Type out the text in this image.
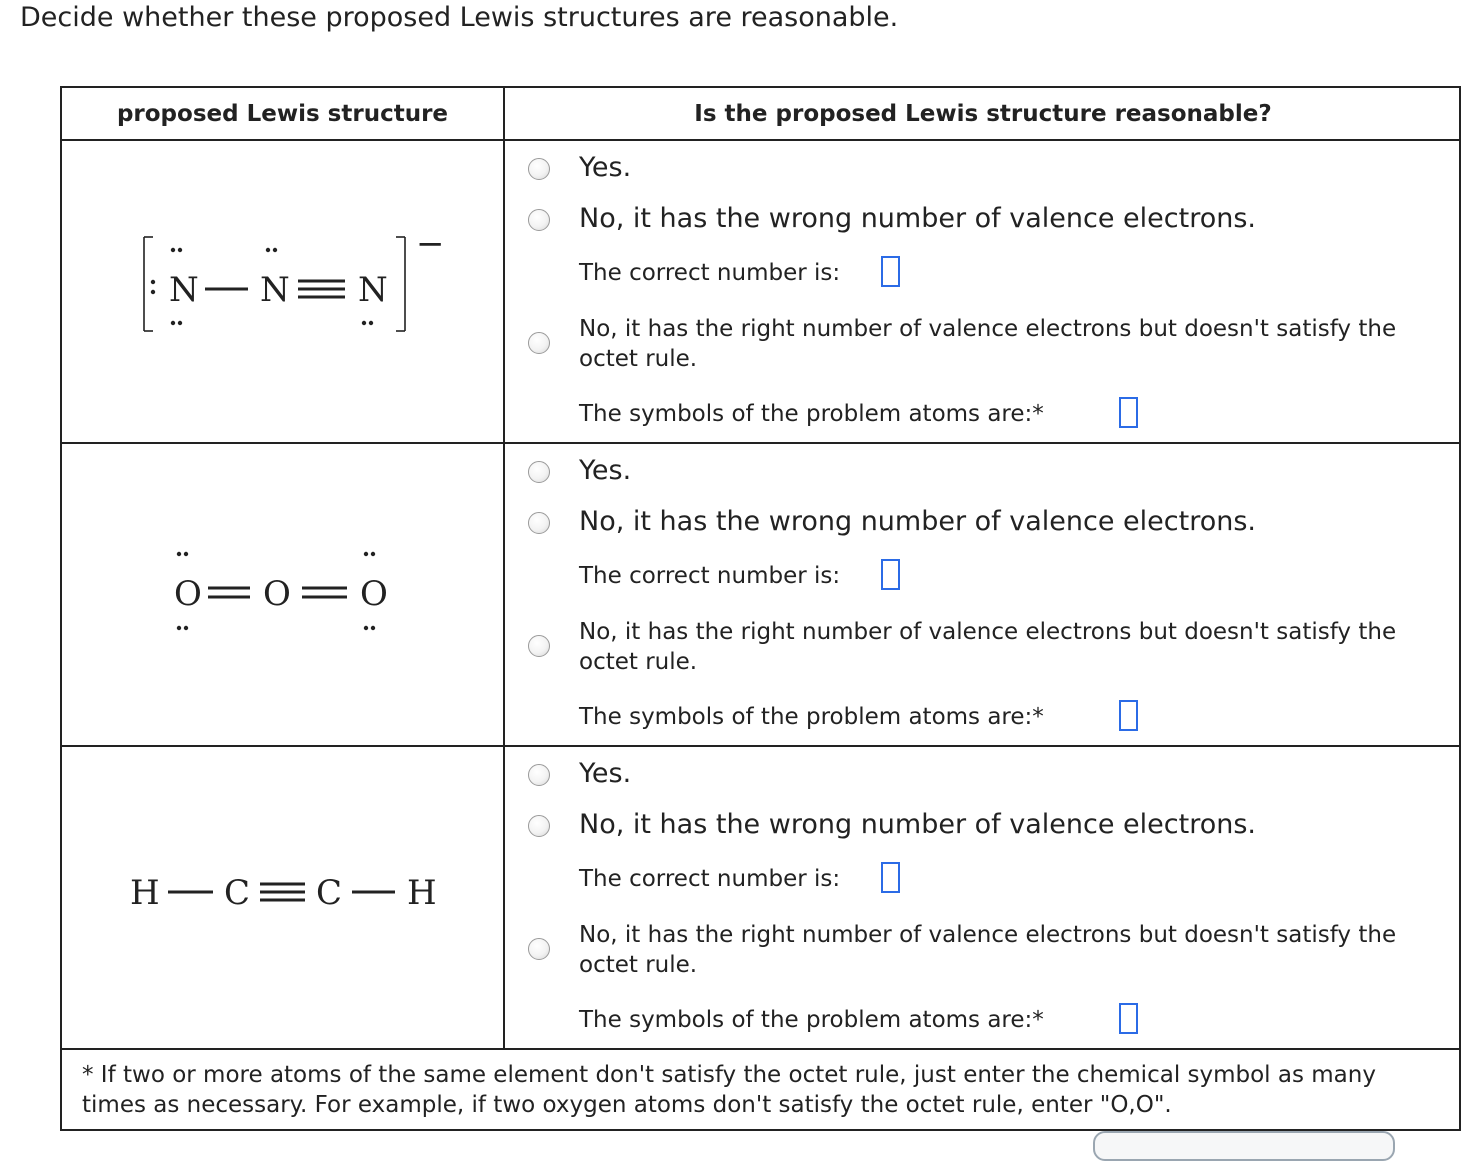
Decide whether these proposed Lewis structures are reasonable.
proposed Lewis structure	Is the proposed Lewis structure reasonable?
−
N N N
Yes.
No, it has the wrong number of valence electrons.
The correct number is:
No, it has the right number of valence electrons but doesn't satisfy the
octet rule.
The symbols of the problem atoms are:*
O O O
Yes.
No, it has the wrong number of valence electrons.
The correct number is:
No, it has the right number of valence electrons but doesn't satisfy the
octet rule.
The symbols of the problem atoms are:*
H C C H
Yes.
No, it has the wrong number of valence electrons.
The correct number is:
No, it has the right number of valence electrons but doesn't satisfy the
octet rule.
The symbols of the problem atoms are:*
* If two or more atoms of the same element don't satisfy the octet rule, just enter the chemical symbol as many
times as necessary. For example, if two oxygen atoms don't satisfy the octet rule, enter "O,O".
